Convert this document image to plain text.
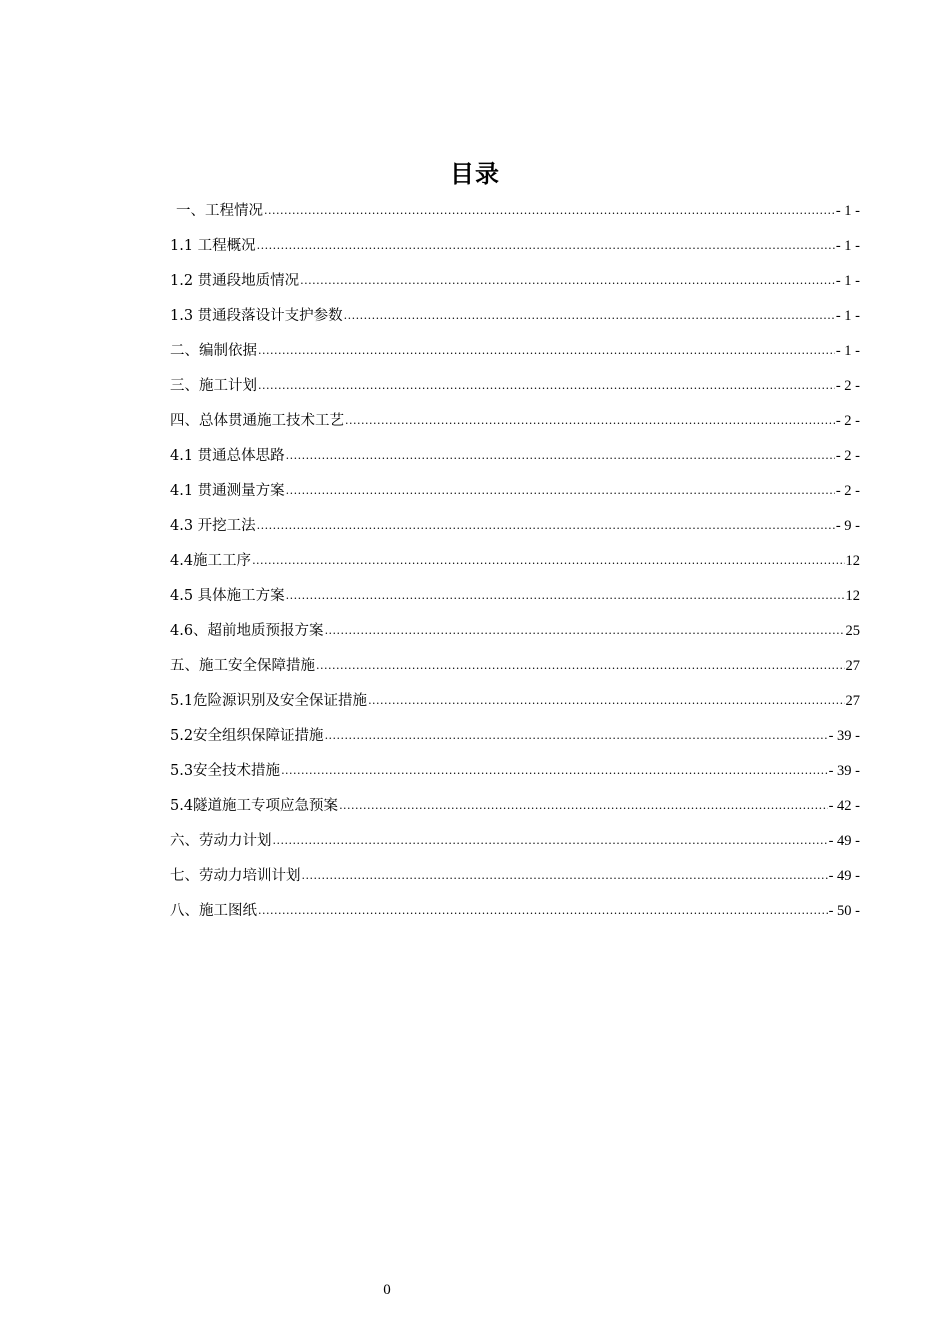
目录
一、工程情况 .....	- 1 -
1.1 工程概况 .....	- 1 -
1.2 贯通段地质情况 .....	- 1 -
1.3 贯通段落设计支护参数 .....	- 1 -
二、编制依据 .....	- 1 -
三、施工计划 .....	- 2 -
四、总体贯通施工技术工艺 .....	- 2 -
4.1 贯通总体思路 .....	- 2 -
4.1 贯通测量方案 .....	- 2 -
4.3 开挖工法 .....	- 9 -
4.4施工工序 .....	12
4.5 具体施工方案 .....	12
4.6、超前地质预报方案 .....	25
五、施工安全保障措施 .....	27
5.1危险源识别及安全保证措施 .....	27
5.2安全组织保障证措施 .....	- 39 -
5.3安全技术措施 .....	- 39 -
5.4隧道施工专项应急预案 .....	- 42 -
六、劳动力计划 .....	- 49 -
七、劳动力培训计划 .....	- 49 -
八、施工图纸 .....	- 50 -
0
